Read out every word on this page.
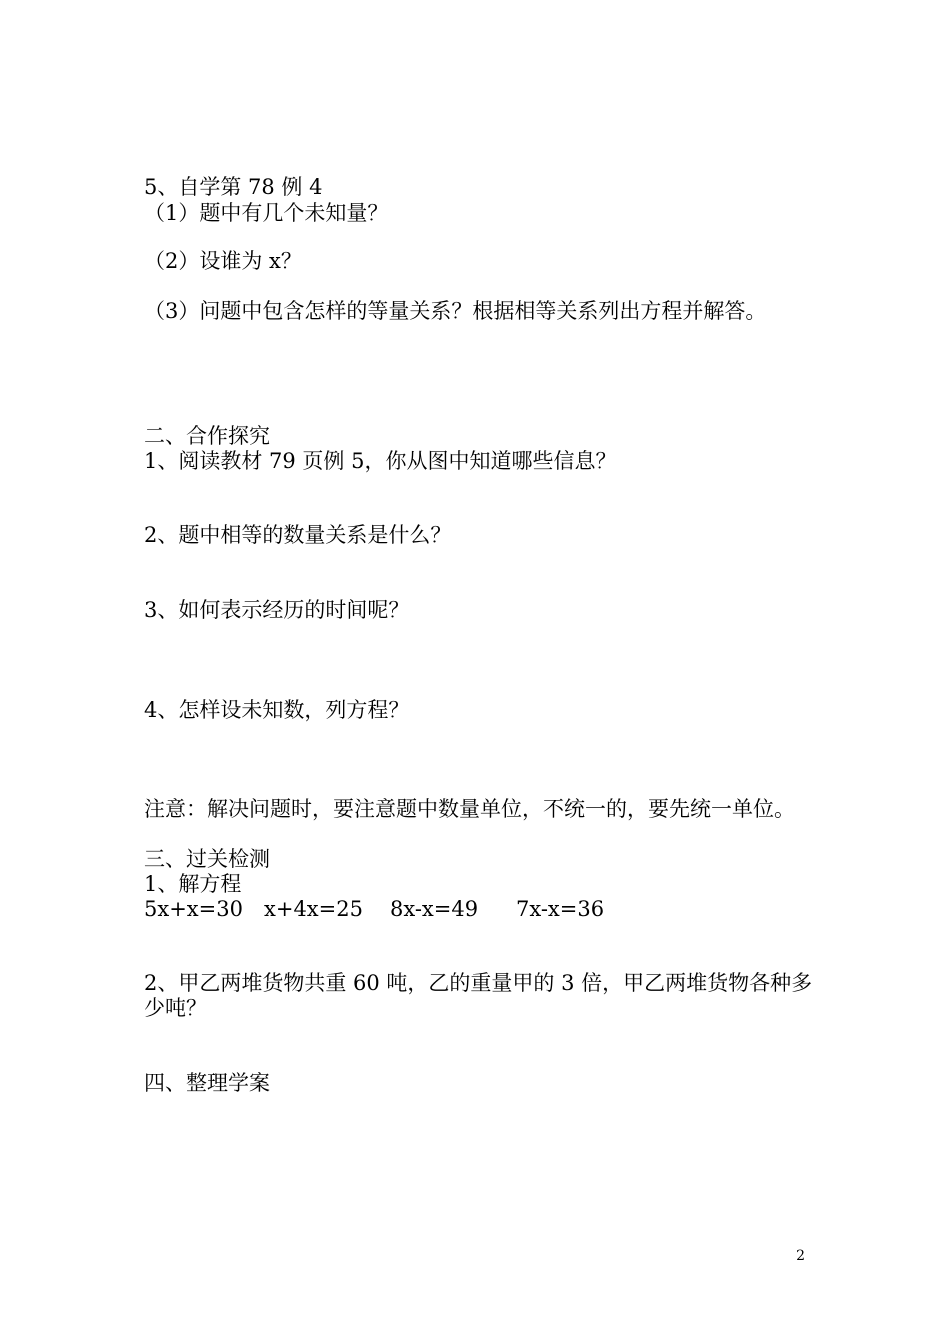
5、自学第 78 例 4
（1）题中有几个未知量？
（2）设谁为 x？
（3）问题中包含怎样的等量关系？根据相等关系列出方程并解答。
二、合作探究
1、阅读教材 79 页例 5，你从图中知道哪些信息？
2、题中相等的数量关系是什么？
3、如何表示经历的时间呢？
4、怎样设未知数，列方程？
注意：解决问题时，要注意题中数量单位，不统一的，要先统一单位。
三、过关检测
1、解方程
5x+x=30 x+4x=25 8x-x=49 7x-x=36
2、甲乙两堆货物共重 60 吨，乙的重量甲的 3 倍，甲乙两堆货物各种多
少吨？
四、整理学案
2
